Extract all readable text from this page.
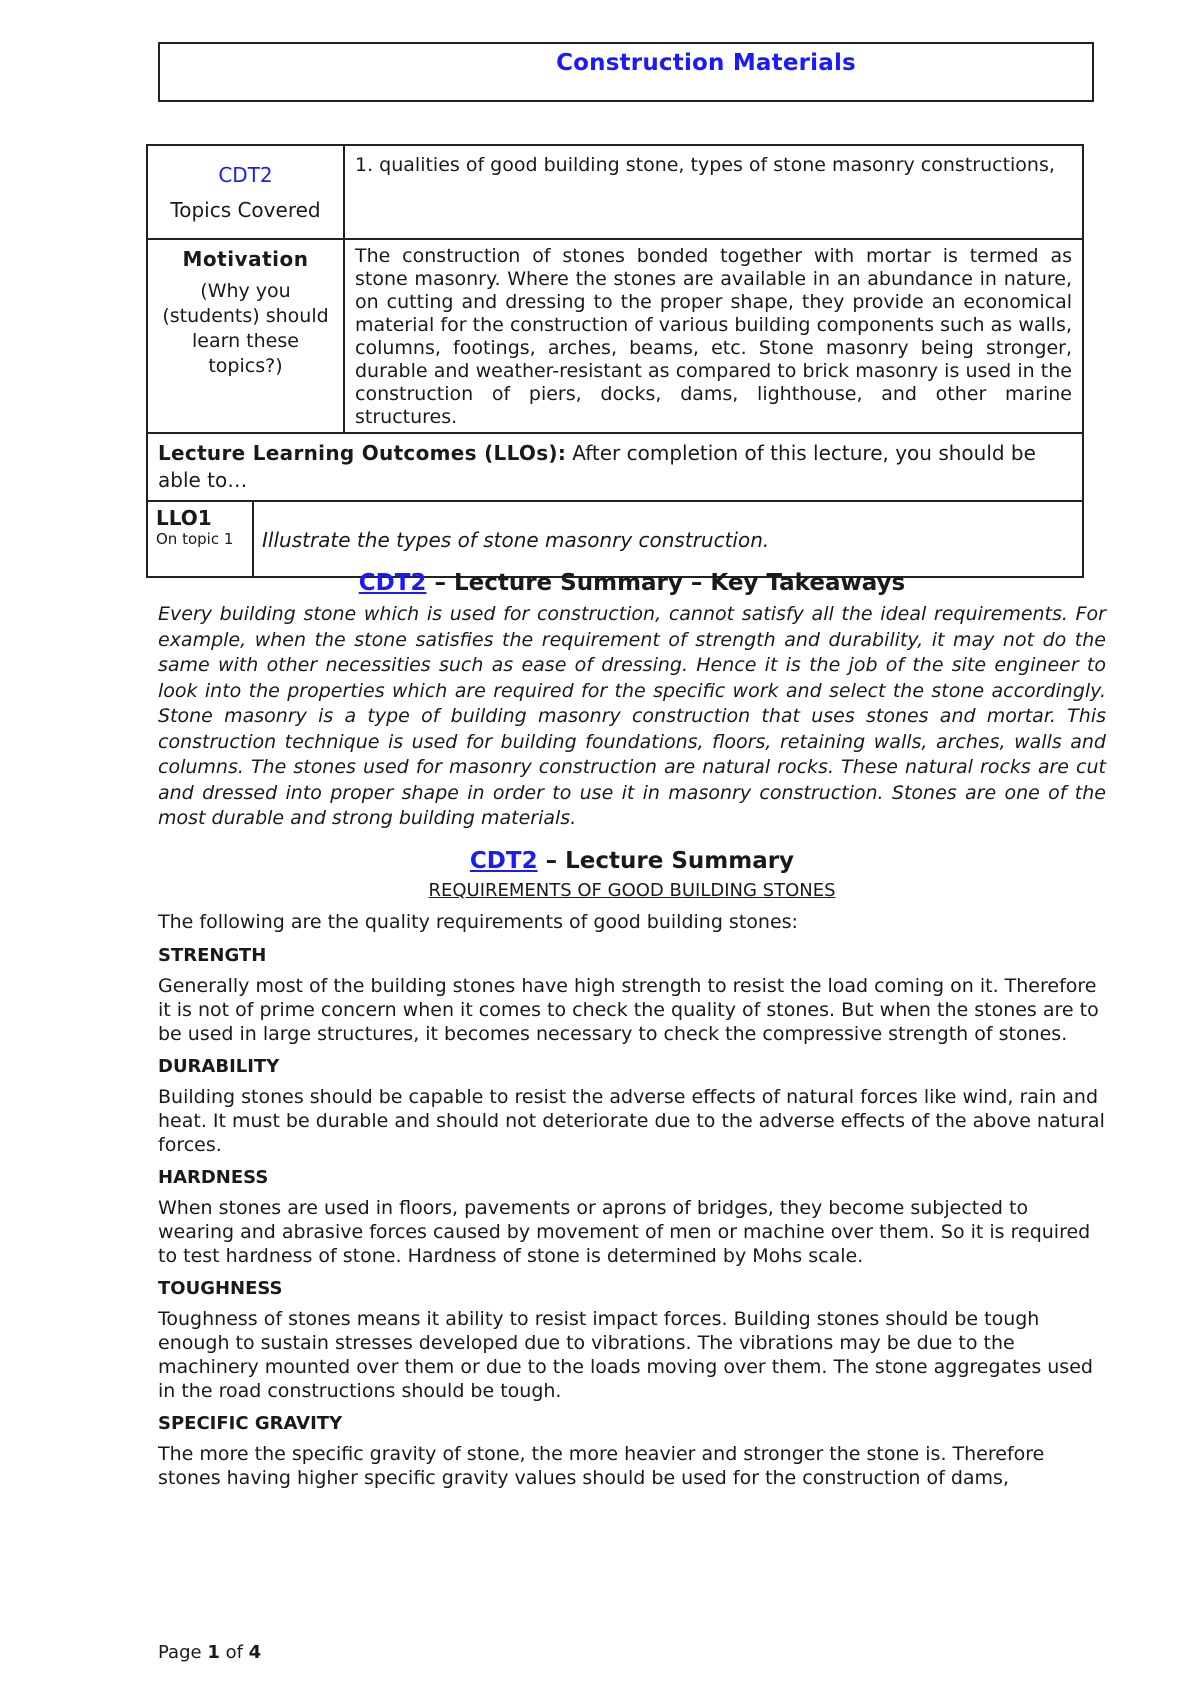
Construction Materials
CDT2
Topics Covered	1. qualities of good building stone, types of stone masonry constructions,

Motivation
(Why you (students) should learn these topics?)	The construction of stones bonded together with mortar is termed as stone masonry. Where the stones are available in an abundance in nature, on cutting and dressing to the proper shape, they provide an economical material for the construction of various building components such as walls, columns, footings, arches, beams, etc. Stone masonry being stronger, durable and weather-resistant as compared to brick masonry is used in the construction of piers, docks, dams, lighthouse, and other marine structures.
Lecture Learning Outcomes (LLOs): After completion of this lecture, you should be able to…	
LLO1
On topic 1	Illustrate the types of stone masonry construction.
CDT2 – Lecture Summary – Key Takeaways

Every building stone which is used for construction, cannot satisfy all the ideal requirements. For example, when the stone satisfies the requirement of strength and durability, it may not do the same with other necessities such as ease of dressing. Hence it is the job of the site engineer to look into the properties which are required for the specific work and select the stone accordingly. Stone masonry is a type of building masonry construction that uses stones and mortar. This construction technique is used for building foundations, floors, retaining walls, arches, walls and columns. The stones used for masonry construction are natural rocks. These natural rocks are cut and dressed into proper shape in order to use it in masonry construction. Stones are one of the most durable and strong building materials.

CDT2 – Lecture Summary
REQUIREMENTS OF GOOD BUILDING STONES

The following are the quality requirements of good building stones:

STRENGTH

Generally most of the building stones have high strength to resist the load coming on it. Therefore it is not of prime concern when it comes to check the quality of stones. But when the stones are to be used in large structures, it becomes necessary to check the compressive strength of stones.

DURABILITY

Building stones should be capable to resist the adverse effects of natural forces like wind, rain and heat. It must be durable and should not deteriorate due to the adverse effects of the above natural forces.

HARDNESS

When stones are used in floors, pavements or aprons of bridges, they become subjected to wearing and abrasive forces caused by movement of men or machine over them. So it is required to test hardness of stone. Hardness of stone is determined by Mohs scale.

TOUGHNESS

Toughness of stones means it ability to resist impact forces. Building stones should be tough enough to sustain stresses developed due to vibrations. The vibrations may be due to the machinery mounted over them or due to the loads moving over them. The stone aggregates used in the road constructions should be tough.

SPECIFIC GRAVITY

The more the specific gravity of stone, the more heavier and stronger the stone is. Therefore stones having higher specific gravity values should be used for the construction of dams,

Page 1 of 4
